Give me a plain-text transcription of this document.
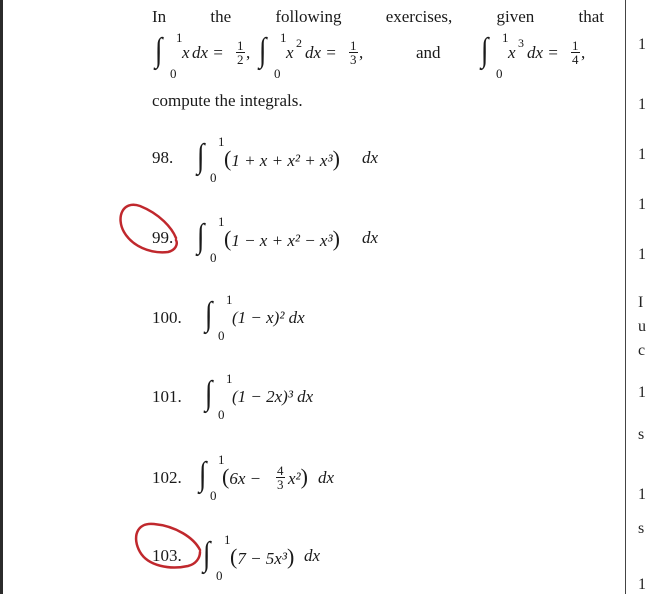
In	the	following	exercises,	given	that
∫ 1
0
x dx = $\frac{1}{2}$ , ∫ 1
0
x 2 dx = $\frac{1}{3}$ ,	and ∫ 1
0
x 3 dx = $\frac{1}{4}$ ,
compute the integrals.
98. ∫ 1
0
(1 + x + x² + x³) dx
99. ∫ 1
0
(1 − x + x² − x³) dx
100. ∫ 1
0
(1 − x)² dx
101. ∫ 1
0
(1 − 2x)³ dx
102. ∫ 1
0
$(6x - \frac{4}{3} x^2)$ dx
103. ∫ 1
0
(7 − 5x³) dx
1
1
1
1
1
I
u
c
1
s
1
s
1
